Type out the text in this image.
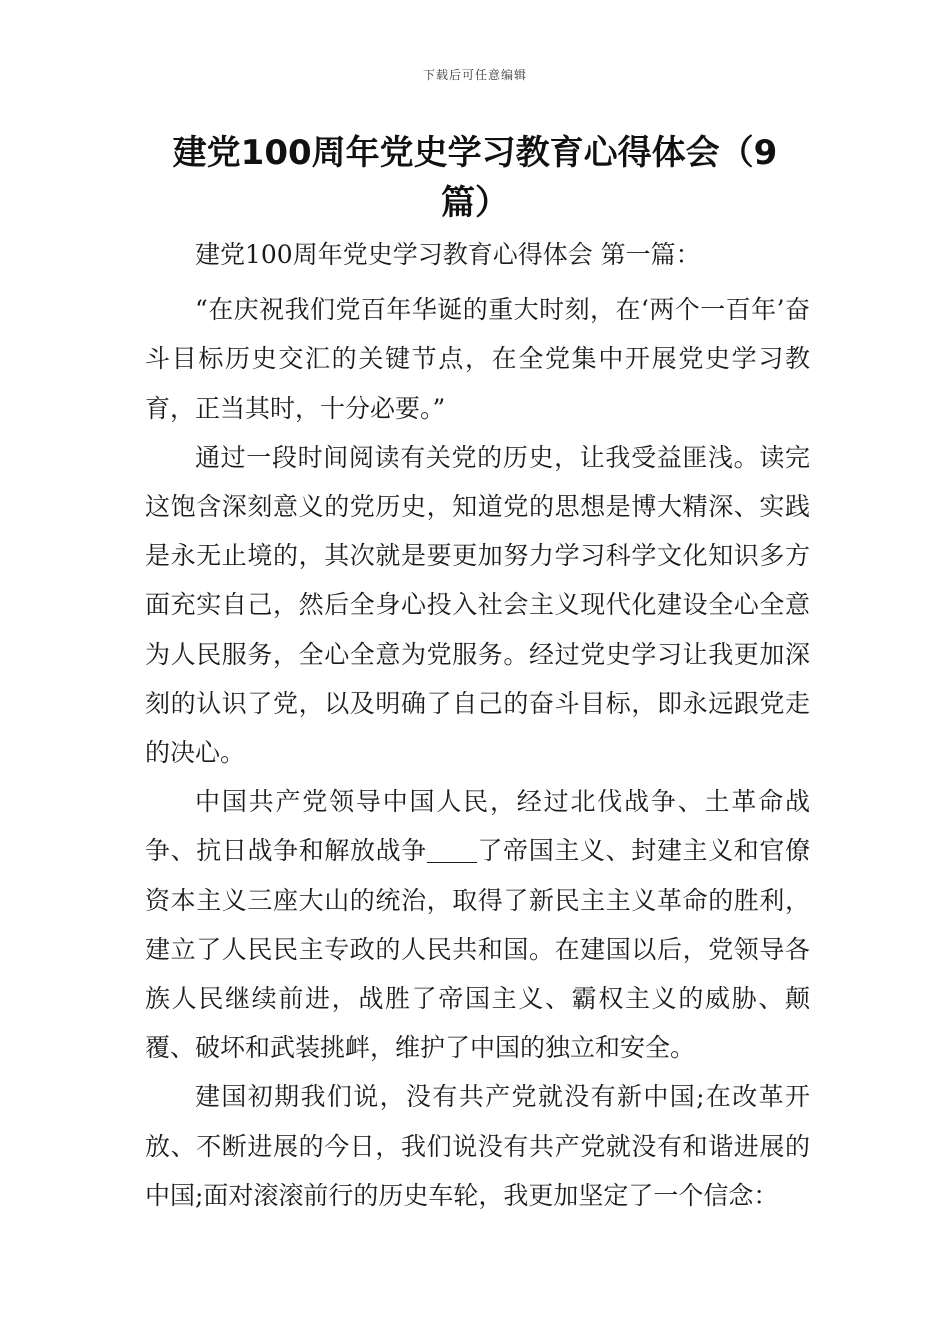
下载后可任意编辑
建党100周年党史学习教育心得体会（9篇）

建党100周年党史学习教育心得体会 第一篇：

“在庆祝我们党百年华诞的重大时刻，在‘两个一百年’奋斗目标历史交汇的关键节点，在全党集中开展党史学习教育，正当其时，十分必要。”

通过一段时间阅读有关党的历史，让我受益匪浅。读完这饱含深刻意义的党历史，知道党的思想是博大精深、实践是永无止境的，其次就是要更加努力学习科学文化知识多方面充实自己，然后全身心投入社会主义现代化建设全心全意为人民服务，全心全意为党服务。经过党史学习让我更加深刻的认识了党，以及明确了自己的奋斗目标，即永远跟党走的决心。

中国共产党领导中国人民，经过北伐战争、土革命战争、抗日战争和解放战争 了帝国主义、封建主义和官僚资本主义三座大山的统治，取得了新民主主义革命的胜利，建立了人民民主专政的人民共和国。在建国以后，党领导各族人民继续前进，战胜了帝国主义、霸权主义的威胁、颠覆、破坏和武装挑衅，维护了中国的独立和安全。

建国初期我们说，没有共产党就没有新中国;在改革开放、不断进展的今日，我们说没有共产党就没有和谐进展的中国;面对滚滚前行的历史车轮，我更加坚定了一个信念：
